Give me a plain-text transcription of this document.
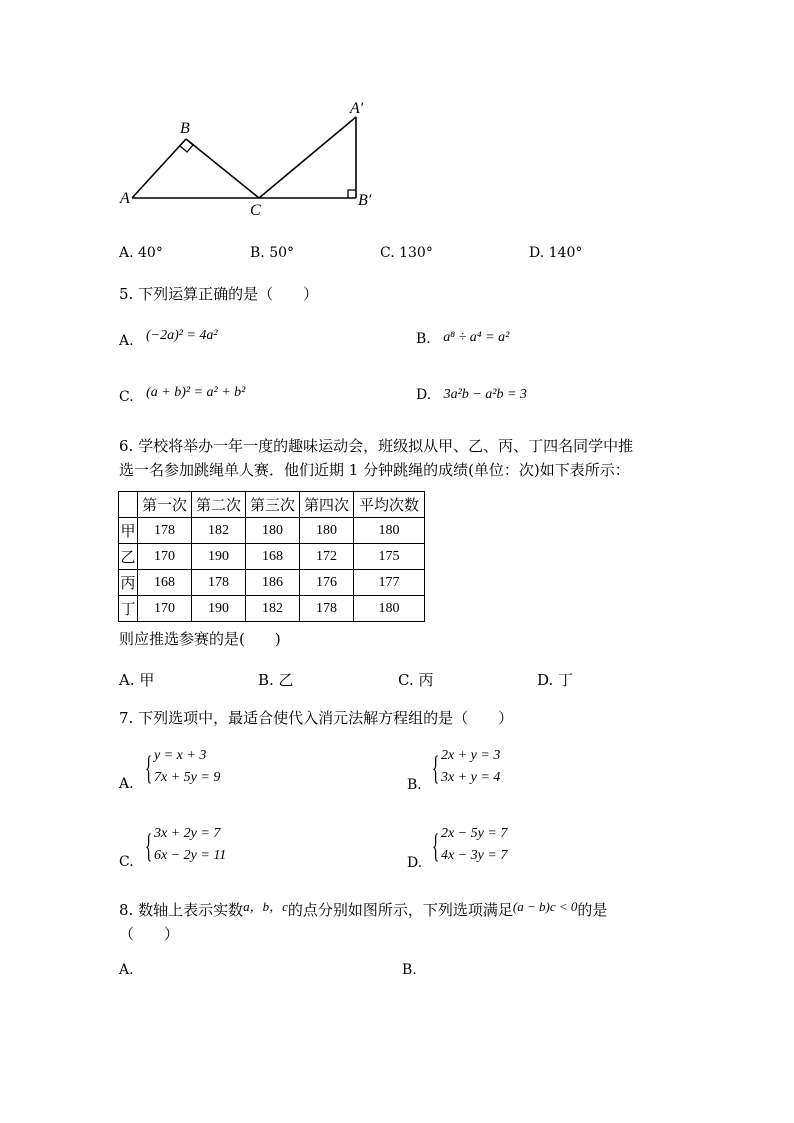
A
B
C
A′
B′
A. 40°	B. 50°	C. 130°	D. 140°
5. 下列运算正确的是（　　）
A. (−2a)² = 4a²	B. a⁸ ÷ a⁴ = a²
C. (a + b)² = a² + b²	D. 3a²b − a²b = 3
6. 学校将举办一年一度的趣味运动会，班级拟从甲、乙、丙、丁四名同学中推
选一名参加跳绳单人赛．他们近期 1 分钟跳绳的成绩(单位：次)如下表所示：
	第一次	第二次	第三次	第四次	平均次数
甲	178	182	180	180	180
乙	170	190	168	172	175
丙	168	178	186	176	177
丁	170	190	182	178	180
则应推选参赛的是(　　)
A. 甲	B. 乙	C. 丙	D. 丁
7. 下列选项中，最适合使代入消元法解方程组的是（　　）
A. { y = x + 3
7x + 5y = 9	B. { 2x + y = 3
3x + y = 4
C. { 3x + 2y = 7
6x − 2y = 11	D. { 2x − 5y = 7
4x − 3y = 7
8. 数轴上表示实数a，b，c的点分别如图所示，下列选项满足(a − b)c < 0的是
（　　）
A.	B.
